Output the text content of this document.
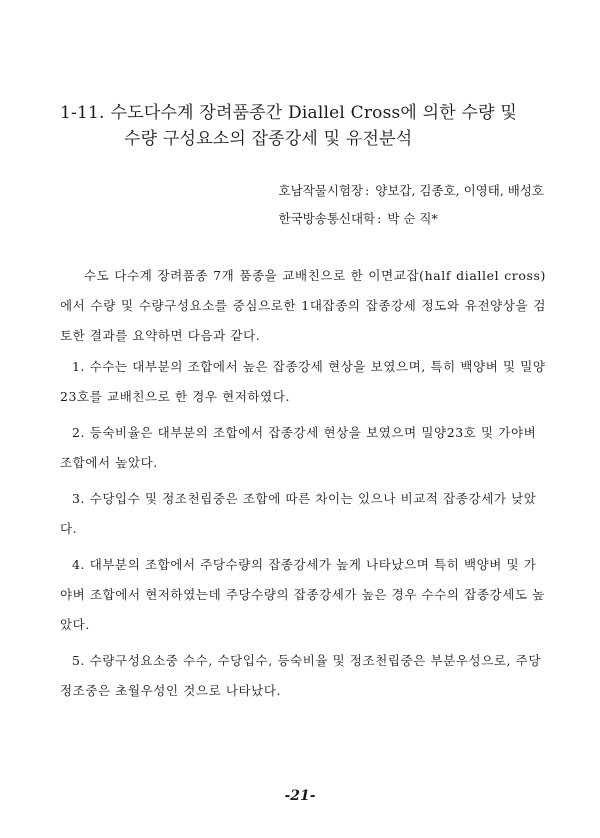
1-11. 수도다수계 장려품종간 Diallel Cross에 의한 수량 및
수량 구성요소의 잡종강세 및 유전분석
호남작물시험장 : 양보갑, 김종호, 이영태, 배성호
한국방송통신대학 : 박 순 직*

수도 다수계 장려품종 7개 품종을 교배친으로 한 이면교잡(half diallel cross)에서 수량 및 수량구성요소를 중심으로한 1대잡종의 잡종강세 정도와 유전양상을 검토한 결과를 요약하면 다음과 같다.

1. 수수는 대부분의 조합에서 높은 잡종강세 현상을 보였으며, 특히 백양벼 및 밀양23호를 교배친으로 한 경우 현저하였다.

2. 등숙비율은 대부분의 조합에서 잡종강세 현상을 보였으며 밀양23호 및 가야벼 조합에서 높았다.

3. 수당입수 및 정조천립중은 조합에 따른 차이는 있으나 비교적 잡종강세가 낮았다.

4. 대부분의 조합에서 주당수량의 잡종강세가 높게 나타났으며 특히 백양벼 및 가야벼 조합에서 현저하였는데 주당수량의 잡종강세가 높은 경우 수수의 잡종강세도 높았다.

5. 수량구성요소중 수수, 수당입수, 등숙비율 및 정조천립중은 부분우성으로, 주당정조중은 초월우성인 것으로 나타났다.

-21-
